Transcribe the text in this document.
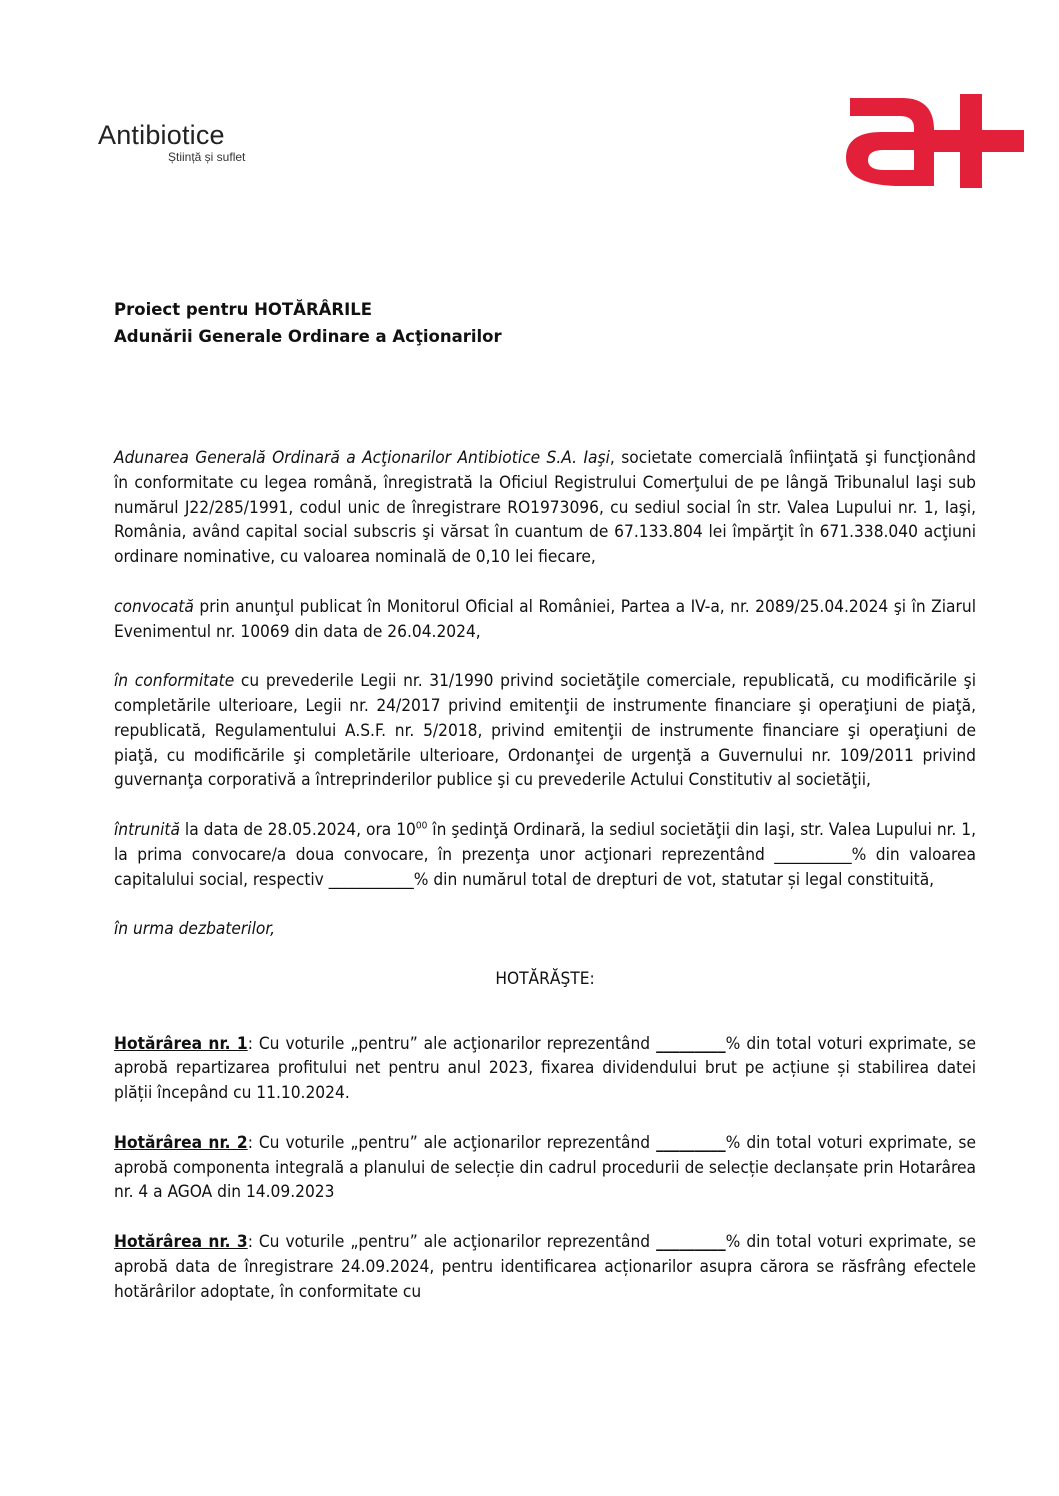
Antibiotice
Știință și suflet
Proiect pentru HOTĂRÂRILE
Adunării Generale Ordinare a Acţionarilor

Adunarea Generală Ordinară a Acţionarilor Antibiotice S.A. Iaşi, societate comercială înfiinţată şi funcţionând în conformitate cu legea română, înregistrată la Oficiul Registrului Comerţului de pe lângă Tribunalul Iaşi sub numărul J22/285/1991, codul unic de înregistrare RO1973096, cu sediul social în str. Valea Lupului nr. 1, Iaşi, România, având capital social subscris şi vărsat în cuantum de 67.133.804 lei împărţit în 671.338.040 acţiuni ordinare nominative, cu valoarea nominală de 0,10 lei fiecare,

convocată prin anunţul publicat în Monitorul Oficial al României, Partea a IV-a, nr. 2089/25.04.2024 şi în Ziarul Evenimentul nr. 10069 din data de 26.04.2024,

în conformitate cu prevederile Legii nr. 31/1990 privind societăţile comerciale, republicată, cu modificările şi completările ulterioare, Legii nr. 24/2017 privind emitenţii de instrumente financiare şi operaţiuni de piaţă, republicată, Regulamentului A.S.F. nr. 5/2018, privind emitenţii de instrumente financiare şi operaţiuni de piaţă, cu modificările şi completările ulterioare, Ordonanţei de urgenţă a Guvernului nr. 109/2011 privind guvernanţa corporativă a întreprinderilor publice şi cu prevederile Actului Constitutiv al societăţii,

întrunită la data de 28.05.2024, ora $10^{00}$ în şedinţă Ordinară, la sediul societăţii din Iaşi, str. Valea Lupului nr. 1, la prima convocare/a doua convocare, în prezenţa unor acţionari reprezentând __________% din valoarea capitalului social, respectiv ___________% din numărul total de drepturi de vot, statutar și legal constituită,

în urma dezbaterilor,

HOTĂRĂŞTE:

Hotărârea nr. 1: Cu voturile „pentru” ale acţionarilor reprezentând _________% din total voturi exprimate, se aprobă repartizarea profitului net pentru anul 2023, fixarea dividendului brut pe acțiune și stabilirea datei plății începând cu 11.10.2024.

Hotărârea nr. 2: Cu voturile „pentru” ale acţionarilor reprezentând _________% din total voturi exprimate, se aprobă componenta integrală a planului de selecție din cadrul procedurii de selecție declanșate prin Hotarârea nr. 4 a AGOA din 14.09.2023

Hotărârea nr. 3: Cu voturile „pentru” ale acţionarilor reprezentând _________% din total voturi exprimate, se aprobă data de înregistrare 24.09.2024, pentru identificarea acționarilor asupra cărora se răsfrâng efectele hotărârilor adoptate, în conformitate cu
